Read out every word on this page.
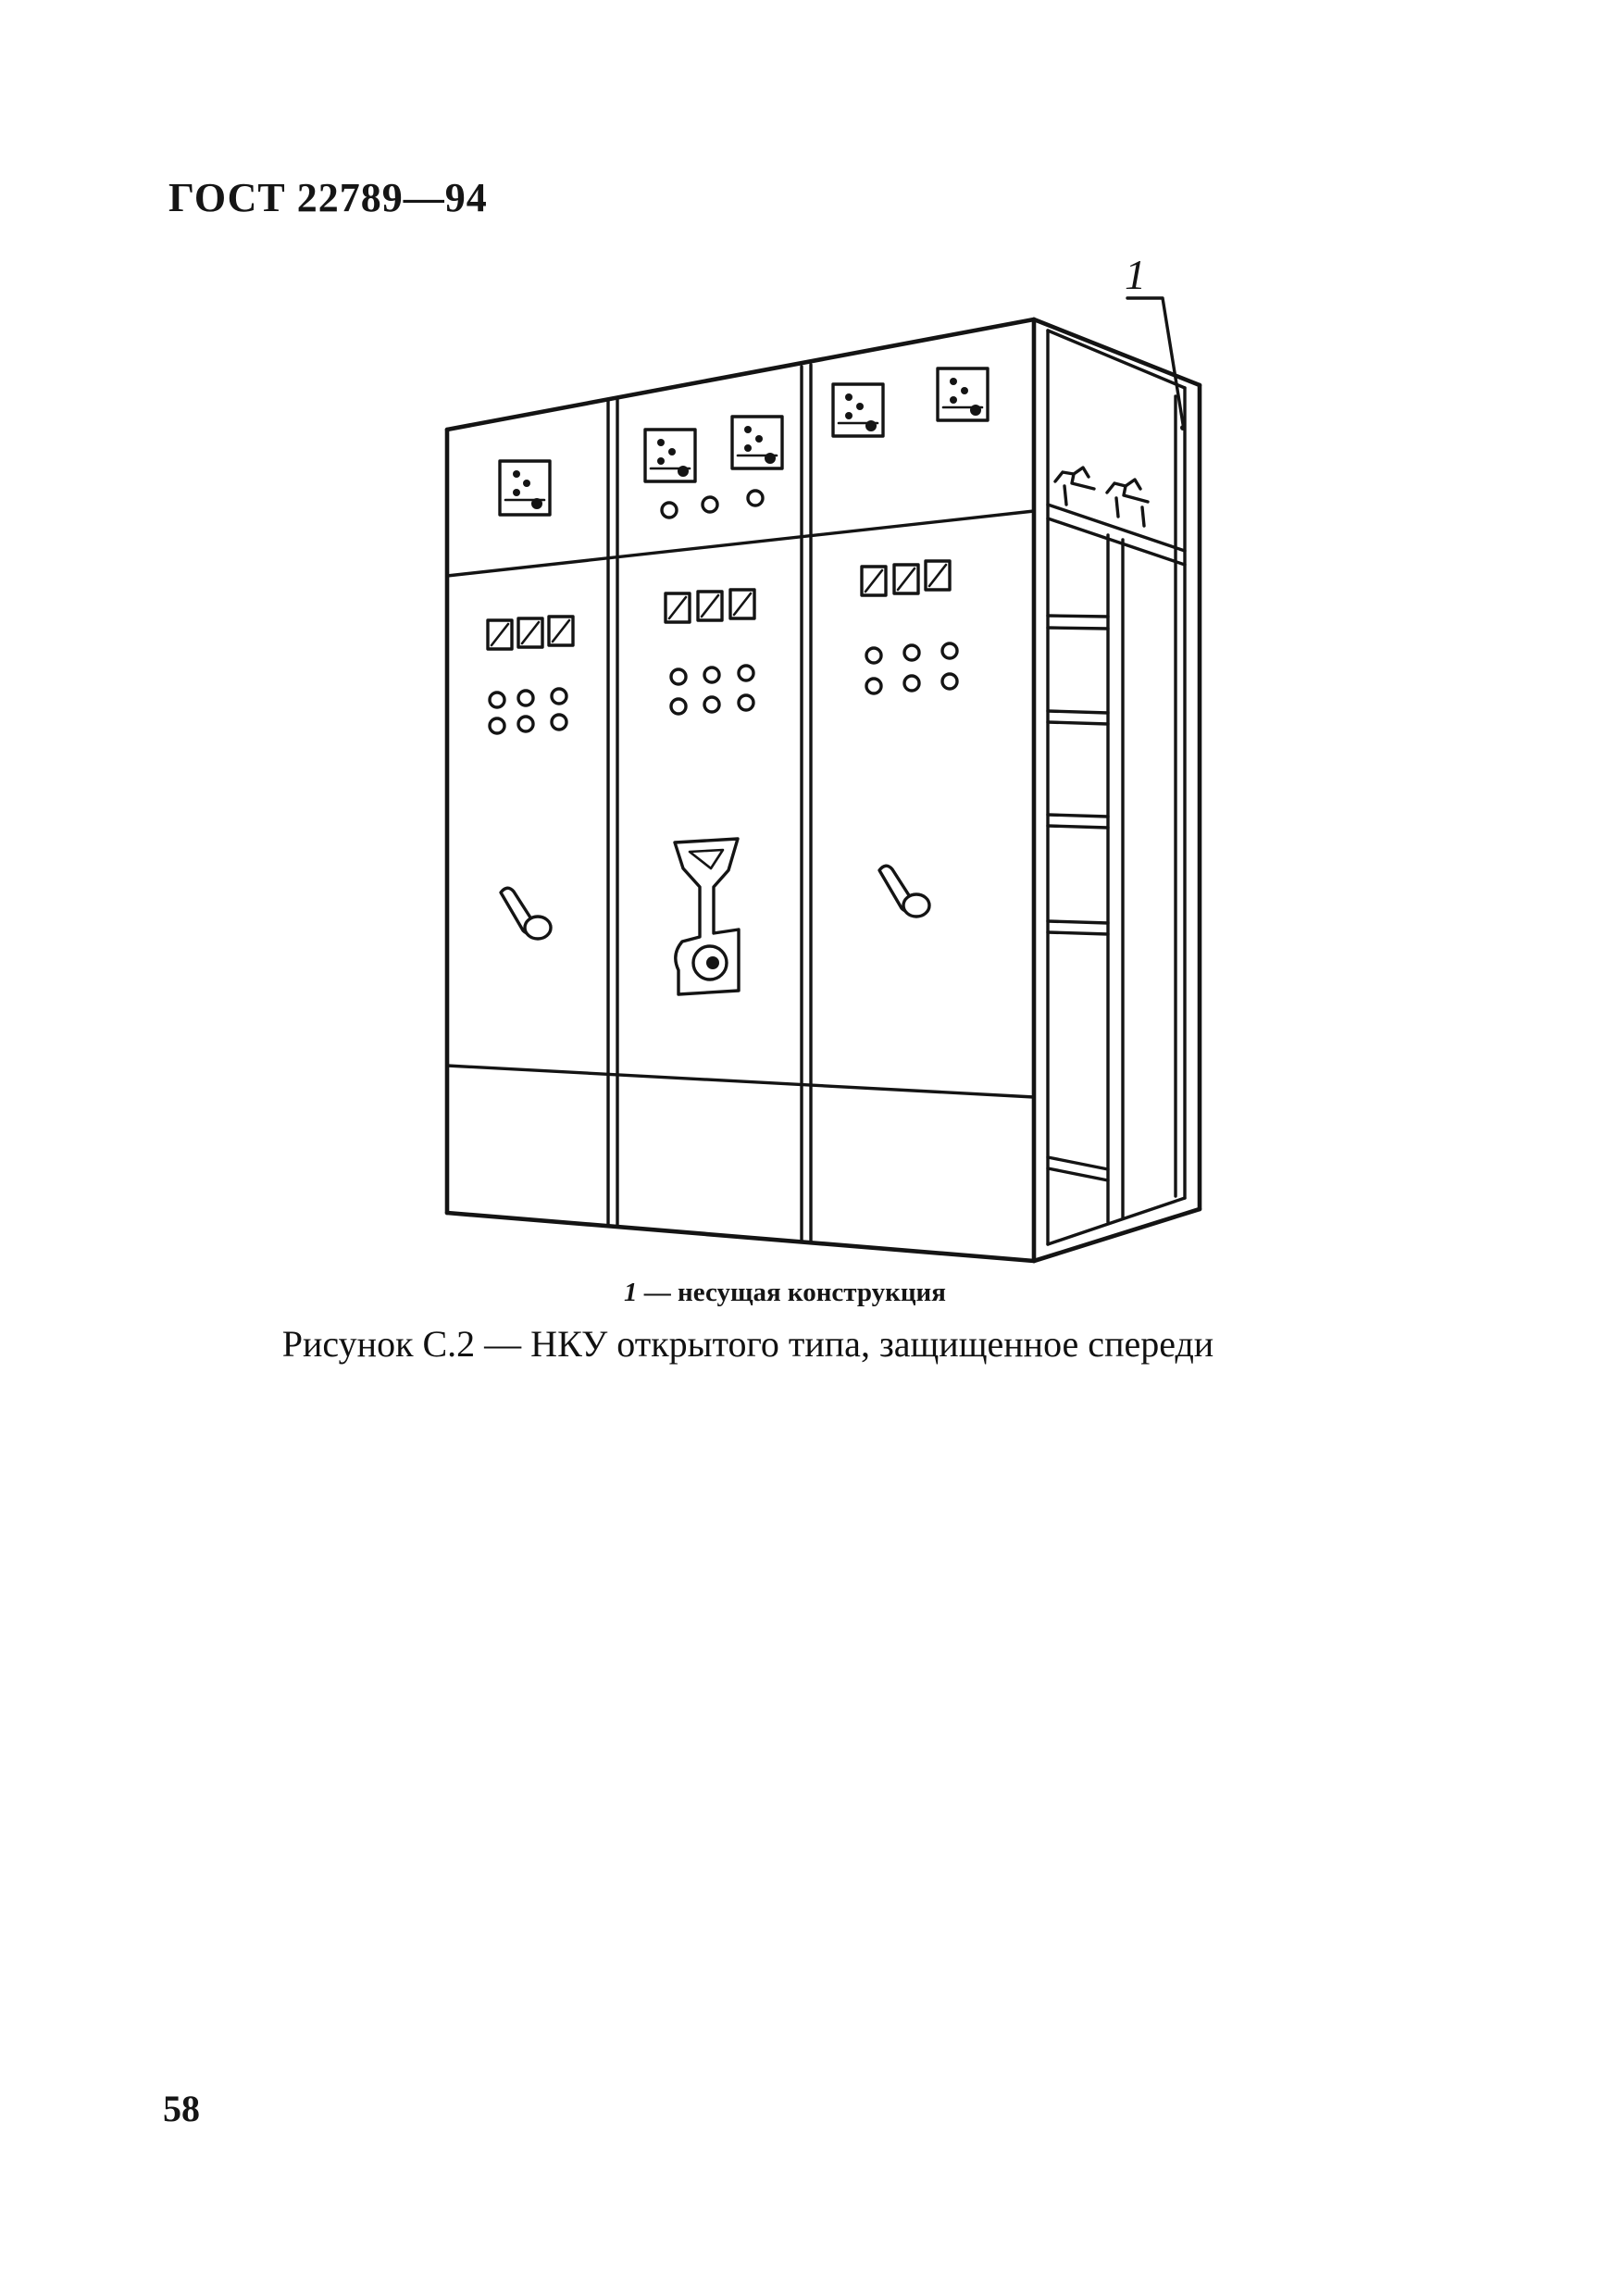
ГОСТ 22789—94
1
1 — несущая конструкция
Рисунок С.2 — НКУ открытого типа, защищенное спереди
58
